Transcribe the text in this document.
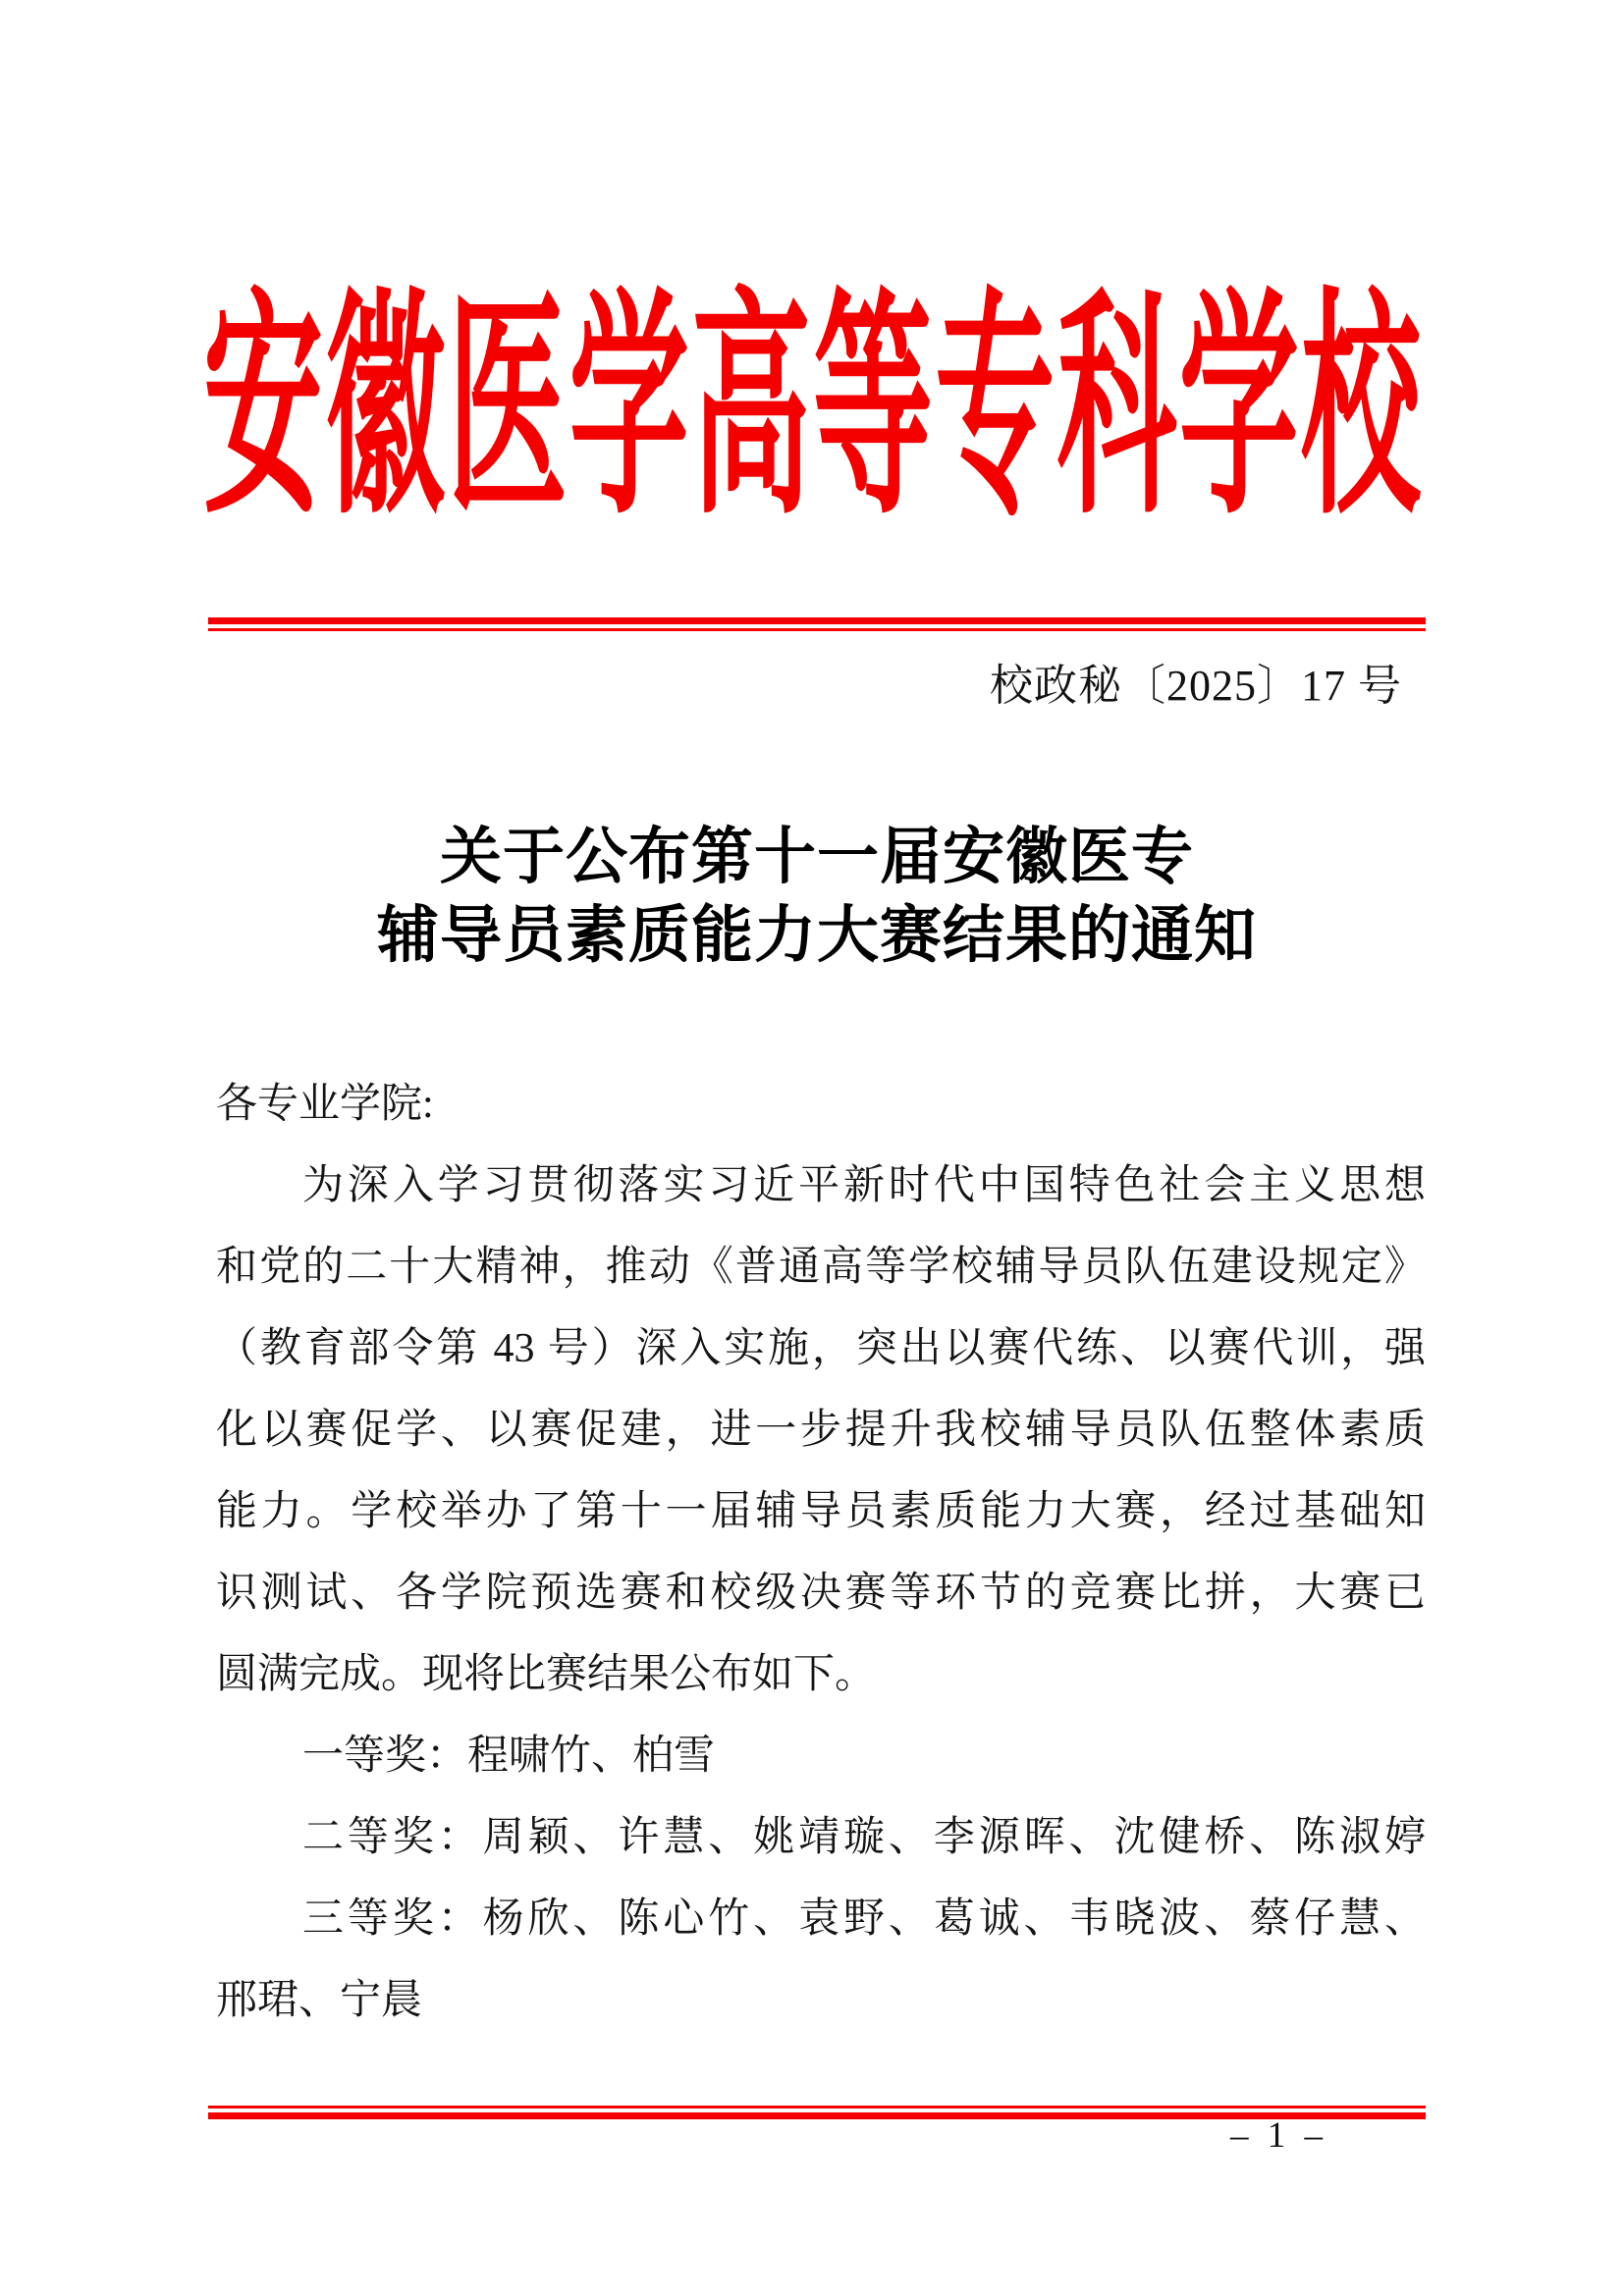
安徽医学高等专科学校
校政秘〔2025〕17 号
关于公布第十一届安徽医专
辅导员素质能力大赛结果的通知
各专业学院:
为深入学习贯彻落实习近平新时代中国特色社会主义思想
和党的二十大精神，推动《普通高等学校辅导员队伍建设规定》
（教育部令第 43 号）深入实施，突出以赛代练、以赛代训，强
化以赛促学、以赛促建，进一步提升我校辅导员队伍整体素质
能力。学校举办了第十一届辅导员素质能力大赛，经过基础知
识测试、各学院预选赛和校级决赛等环节的竞赛比拼，大赛已
圆满完成。现将比赛结果公布如下。
一等奖：程啸竹、柏雪
二等奖：周颖、许慧、姚靖璇、李源晖、沈健桥、陈淑婷
三等奖：杨欣、陈心竹、袁野、葛诚、韦晓波、蔡仔慧、
邢珺、宁晨
– 1 –
